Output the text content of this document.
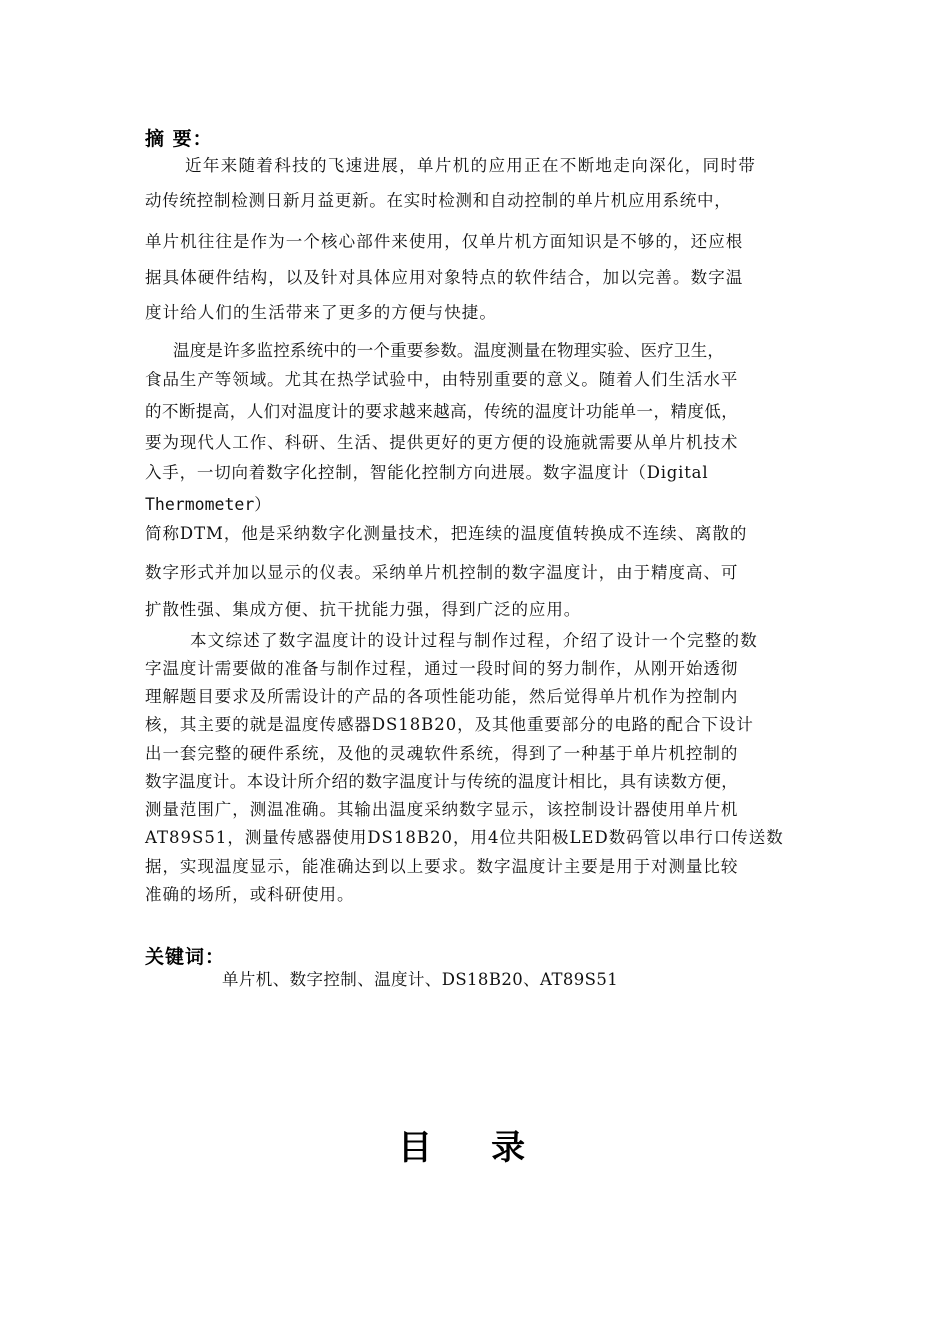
摘 要：
近年来随着科技的飞速进展，单片机的应用正在不断地走向深化，同时带
动传统控制检测日新月益更新。在实时检测和自动控制的单片机应用系统中，
单片机往往是作为一个核心部件来使用，仅单片机方面知识是不够的，还应根
据具体硬件结构，以及针对具体应用对象特点的软件结合，加以完善。数字温
度计给人们的生活带来了更多的方便与快捷。
温度是许多监控系统中的一个重要参数。温度测量在物理实验、医疗卫生，
食品生产等领域。尤其在热学试验中，由特别重要的意义。随着人们生活水平
的不断提高，人们对温度计的要求越来越高，传统的温度计功能单一，精度低，
要为现代人工作、科研、生活、提供更好的更方便的设施就需要从单片机技术
入手，一切向着数字化控制，智能化控制方向进展。数字温度计（Digital
Thermometer）
简称DTM，他是采纳数字化测量技术，把连续的温度值转换成不连续、离散的
数字形式并加以显示的仪表。采纳单片机控制的数字温度计，由于精度高、可
扩散性强、集成方便、抗干扰能力强，得到广泛的应用。
本文综述了数字温度计的设计过程与制作过程，介绍了设计一个完整的数
字温度计需要做的准备与制作过程，通过一段时间的努力制作，从刚开始透彻
理解题目要求及所需设计的产品的各项性能功能，然后觉得单片机作为控制内
核，其主要的就是温度传感器DS18B20，及其他重要部分的电路的配合下设计
出一套完整的硬件系统，及他的灵魂软件系统，得到了一种基于单片机控制的
数字温度计。本设计所介绍的数字温度计与传统的温度计相比，具有读数方便，
测量范围广，测温准确。其输出温度采纳数字显示，该控制设计器使用单片机
AT89S51，测量传感器使用DS18B20，用4位共阳极LED数码管以串行口传送数
据，实现温度显示，能准确达到以上要求。数字温度计主要是用于对测量比较
准确的场所，或科研使用。
关键词：
单片机、数字控制、温度计、DS18B20、AT89S51
目     录
